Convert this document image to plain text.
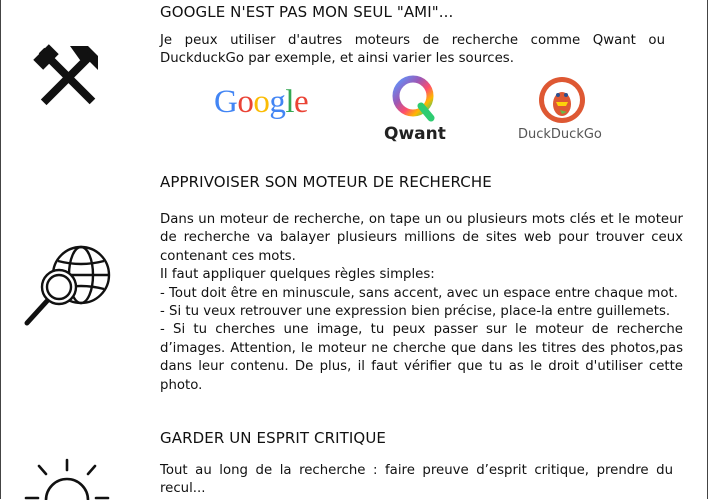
GOOGLE N'EST PAS MON SEUL "AMI"...

Je peux utiliser d'autres moteurs de recherche comme Qwant ou DuckduckGo par exemple, et ainsi varier les sources.

Google
Qwant	DuckDuckGo
APPRIVOISER SON MOTEUR DE RECHERCHE

Dans un moteur de recherche, on tape un ou plusieurs mots clés et le moteur de recherche va balayer plusieurs millions de sites web pour trouver ceux contenant ces mots.

Il faut appliquer quelques règles simples:

- Tout doit être en minuscule, sans accent, avec un espace entre chaque mot.

- Si tu veux retrouver une expression bien précise, place-la entre guillemets.

- Si tu cherches une image, tu peux passer sur le moteur de recherche d’images. Attention, le moteur ne cherche que dans les titres des photos,pas dans leur contenu. De plus, il faut vérifier que tu as le droit d'utiliser cette photo.

GARDER UN ESPRIT CRITIQUE

Tout au long de la recherche : faire preuve d’esprit critique, prendre du recul...
